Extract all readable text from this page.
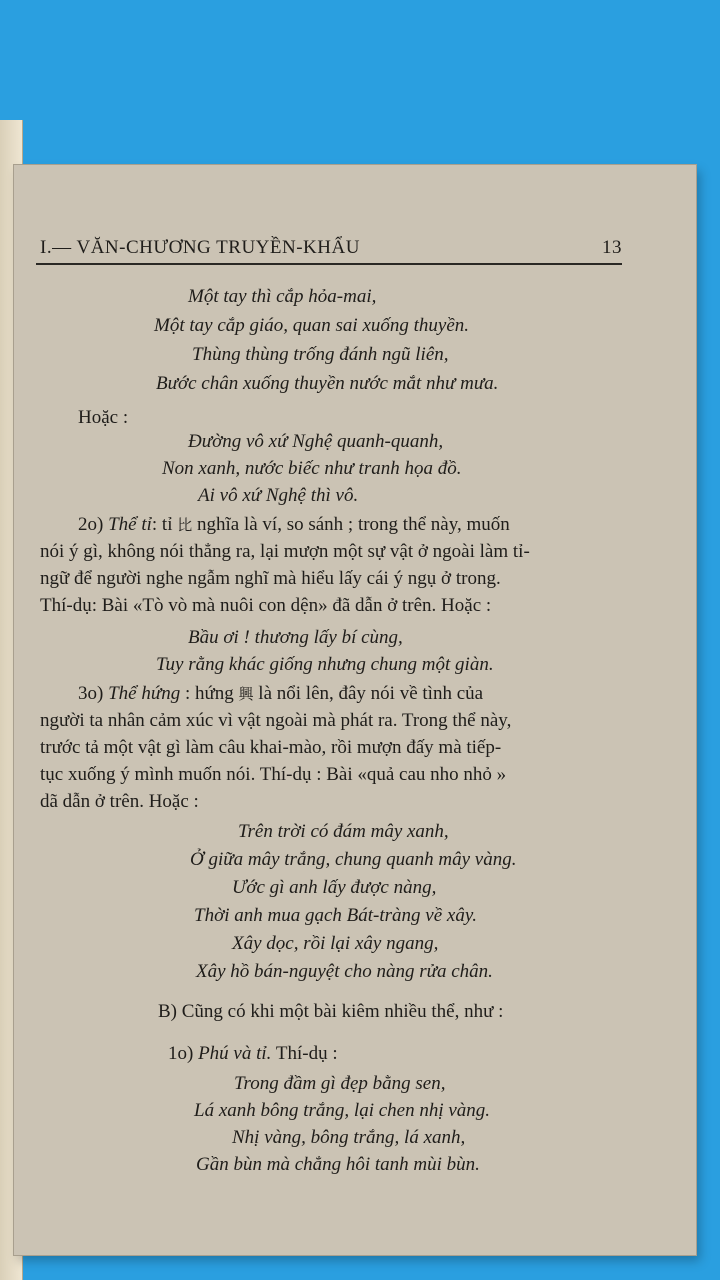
I.— VĂN-CHƯƠNG TRUYỀN-KHẨU	13
Một tay thì cắp hỏa-mai,
Một tay cắp giáo, quan sai xuống thuyền.
Thùng thùng trống đánh ngũ liên,
Bước chân xuống thuyền nước mắt như mưa.
Hoặc :
Đường vô xứ Nghệ quanh-quanh,
Non xanh, nước biếc như tranh họa đồ.
Ai vô xứ Nghệ thì vô.
2o) Thể tỉ: tỉ 比 nghĩa là ví, so sánh ; trong thể này, muốn
nói ý gì, không nói thẳng ra, lại mượn một sự vật ở ngoài làm tỉ-
ngữ để người nghe ngẫm nghĩ mà hiểu lấy cái ý ngụ ở trong.
Thí-dụ: Bài «Tò vò mà nuôi con dện» đã dẫn ở trên. Hoặc :
Bầu ơi ! thương lấy bí cùng,
Tuy rằng khác giống nhưng chung một giàn.
3o) Thể hứng : hứng 興 là nổi lên, đây nói về tình của
người ta nhân cảm xúc vì vật ngoài mà phát ra. Trong thể này,
trước tả một vật gì làm câu khai-mào, rồi mượn đấy mà tiếp-
tục xuống ý mình muốn nói. Thí-dụ : Bài «quả cau nho nhỏ »
dã dẫn ở trên. Hoặc :
Trên trời có đám mây xanh,
Ở giữa mây trắng, chung quanh mây vàng.
Ước gì anh lấy được nàng,
Thời anh mua gạch Bát-tràng về xây.
Xây dọc, rồi lại xây ngang,
Xây hồ bán-nguyệt cho nàng rửa chân.
B) Cũng có khi một bài kiêm nhiều thể, như :
1o) Phú và tỉ. Thí-dụ :
Trong đầm gì đẹp bằng sen,
Lá xanh bông trắng, lại chen nhị vàng.
Nhị vàng, bông trắng, lá xanh,
Gần bùn mà chẳng hôi tanh mùi bùn.
